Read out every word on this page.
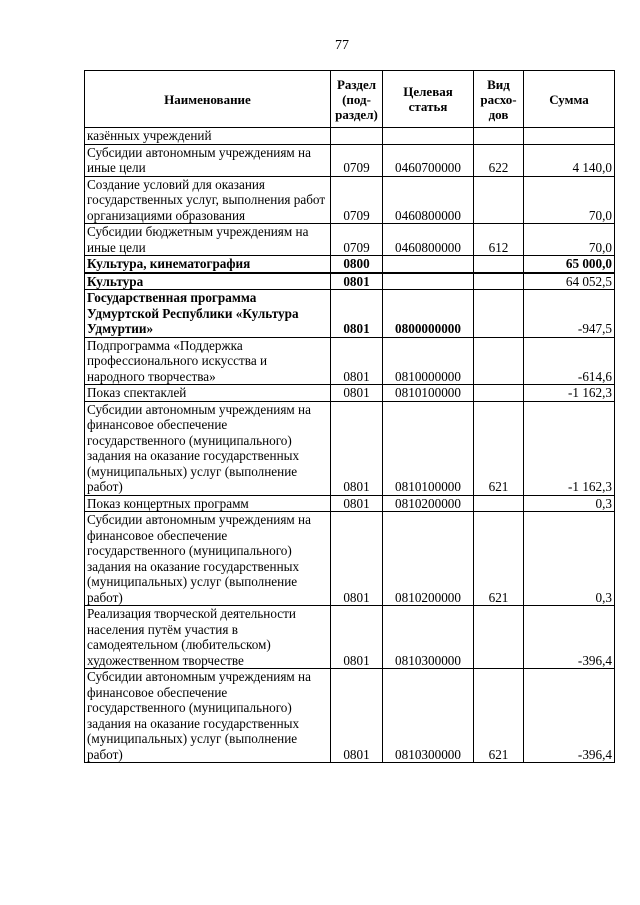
77
Наименование	Раздел (под-раздел)	Целевая статья	Вид расхо-дов	Сумма
казённых учреждений				
Субсидии автономным учреждениям на иные цели	0709	0460700000	622	4 140,0
Создание условий для оказания государственных услуг, выполнения работ организациями образования	0709	0460800000		70,0
Субсидии бюджетным учреждениям на иные цели	0709	0460800000	612	70,0
Культура, кинематография	0800			65 000,0
Культура	0801			64 052,5
Государственная программа Удмуртской Республики «Культура Удмуртии»	0801	0800000000		-947,5
Подпрограмма «Поддержка профессионального искусства и народного творчества»	0801	0810000000		-614,6
Показ спектаклей	0801	0810100000		-1 162,3
Субсидии автономным учреждениям на финансовое обеспечение государственного (муниципального) задания на оказание государственных (муниципальных) услуг (выполнение работ)	0801	0810100000	621	-1 162,3
Показ концертных программ	0801	0810200000		0,3
Субсидии автономным учреждениям на финансовое обеспечение государственного (муниципального) задания на оказание государственных (муниципальных) услуг (выполнение работ)	0801	0810200000	621	0,3
Реализация творческой деятельности населения путём участия в самодеятельном (любительском) художественном творчестве	0801	0810300000		-396,4
Субсидии автономным учреждениям на финансовое обеспечение государственного (муниципального) задания на оказание государственных (муниципальных) услуг (выполнение работ)	0801	0810300000	621	-396,4
